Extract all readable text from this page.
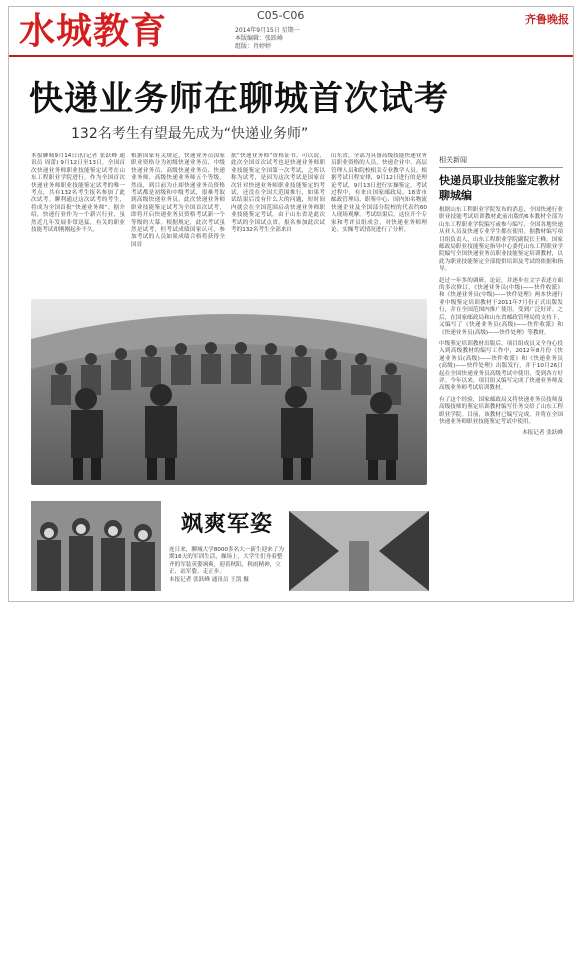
水城教育	C05-C06
2014年9月15日 星期一
本版编辑：张跃峰
组版：肖婷婷
齐鲁晚报
快递业务师在聊城首次试考
132名考生有望最先成为“快递业务师”
本报聊城9月14日讯(记者 张跃峰 通讯员 周蕾) 9月12日至13日，全国首次快递业务师职业技能鉴定试考在山东工程职业学院进行。作为全国首次快递业务师职业技能鉴定试考的唯一考点，共有132名考生报名参加了此次试考。聊利通过这次试考的考生，将成为全国首批“快递业务师”。据介绍，快递行业作为一个新兴行业，虽然近几年发展非常迅猛，有关的职业技能考试却刚刚起步不久。
根据国家有关规定，快递业务员国家职业资格分为初级快递业务员、中级快递业务员、高级快递业务员、快递业务师、高级快递业务师五个等级。然而，到目前为止却快递业务员资格考试都是初级和中级考试，很难考取到高级快递业务员。此次快递业务师职业技能鉴定试考为全国首次试考，即将开启快递业务员资格考试新一个等级的大幕。根据规定，此次考试虽然是试考，但考试成绩国家认可，参加考试的人员如果成绩合格将获得全国首
批“快递业务师”资格证书。可以说，此次全国首次试考也是快递业务师职业技能鉴定全国第一次考试，之所以称为试考，是因为这次考试是国家首次针对快递业务师职业技能鉴定的考试，还没在全国大范围推行，如果考试结果后没有什么大的问题，短时间内就会在全国范围启动快递业务师职业技能鉴定考试。由于山东省是此次考试的全国试点省，报名参加此次试考的132名考生全部来自
山东省，全部为具备高级技能快递业务员职业资格的人员，快递企业中、高层管理人员和院校相关专业教学人员。根据考试日程安排，9月12日进行的是理论考试，9月13日进行实操鉴定。考试过程中，有来自国家邮政局、18省市邮政管理局、职鉴中心、国内知名物流快递企业及全国部分院校的代表约60人现场观摩。考试结果后，这位开个专家和考评员组成会，对快递业务师理论、实操考试情况进行了分析。
飒爽军姿
连日来，聊城大学8000多名大一新生迎来了为期16天的军训生活，操场上，大学生们身着整齐的军装英姿飒爽，迎着秋阳，秋雨精神，立正、站军姿、走正步。
本报记者 张跃峰 通讯员 王凯 摄
相关新闻
快递员职业技能鉴定教材聊城编
根据山东工程职业学院发布的消息，全国快递行业职业技能考试培训教材此前出版的6本教材全部为山东工程职业学院编写或参与编写，全国各地快递从业人员及快递专业学生都在使用。据教材编写项目组负责人，山东工程职业学院副院长王峰，国家邮政局职业技能鉴定指导中心委托山东工程职业学院编写全国快递业务员职业技能鉴定培训教材，以此为职业技能鉴定全部提供培训及考试的依据和指导。
赶过一年多的调研，论证，并逐步在文字表述方面的多次修订，《快递业务员(中级)——快件收派》和《快递业务员(中级)——快件处理》两本快递行业中级鉴定培训教材于2011年7月份正式出版发行，并在全国范围内推广使用，受到广泛好评。之后，在国家邮政局和山东省邮政管理局的支持下，又编写了《快递业务员(高级)——快件收派》和《快递业务员(高级)——快件处理》等教材。
中级鉴定培训教材出版后，项目组成员又全身心投入到高级教材的编写工作中，2012年8月份《快递业务员(高级)——快件收派》和《快递业务员(高级)——快件处理》出版发行，并于10月26日起在全国快递业务员高级考试中使用，受到各方好评。今年以来，项目组又编写完成了快递业务师及高级业务师考试培训教材。
有了这个经验，国家邮政局又将快递业务员技师及高级技师的鉴定培训教材编写任务交给了山东工程职业学院。目前，该教材已编写完成，并将在全国快递业务师职业技能鉴定考试中使用。
本报记者 张跃峰
